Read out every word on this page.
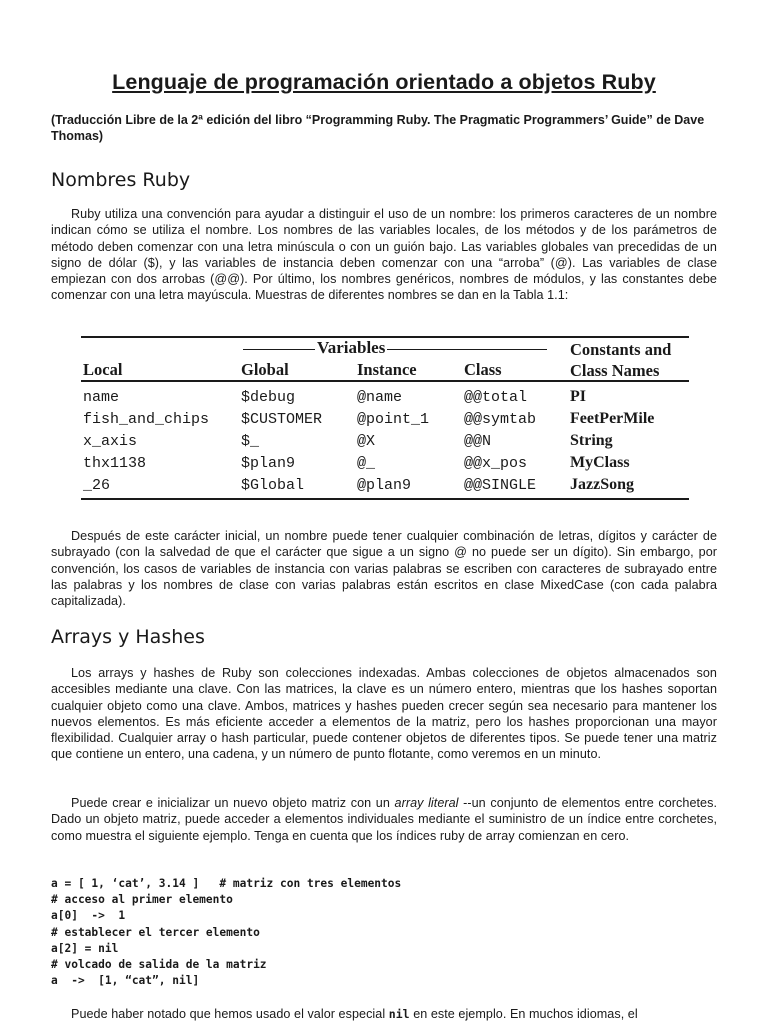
Lenguaje de programación orientado a objetos Ruby
(Traducción Libre de la 2ª edición del libro “Programming Ruby. The Pragmatic Programmers’ Guide” de Dave Thomas)
Nombres Ruby

Ruby utiliza una convención para ayudar a distinguir el uso de un nombre: los primeros caracteres de un nombre indican cómo se utiliza el nombre. Los nombres de las variables locales, de los métodos y de los parámetros de método deben comenzar con una letra minúscula o con un guión bajo. Las variables globales van precedidas de un signo de dólar ($), y las variables de instancia deben comenzar con una “arroba” (@). Las variables de clase empiezan con dos arrobas (@@). Por último, los nombres genéricos, nombres de módulos, y las constantes debe comenzar con una letra mayúscula. Muestras de diferentes nombres se dan en la Tabla 1.1:

Variables	Constants and
Class Names
Local	Global	Instance	Class
name	$debug	@name	@@total	PI
fish_and_chips $CUSTOMER @point_1 @@symtab FeetPerMile
x_axis	$_	@X	@@N	String
thx1138	$plan9	@_	@@x_pos	MyClass
_26	$Global	@plan9	@@SINGLE JazzSong

Después de este carácter inicial, un nombre puede tener cualquier combinación de letras, dígitos y carácter de subrayado (con la salvedad de que el carácter que sigue a un signo @ no puede ser un dígito). Sin embargo, por convención, los casos de variables de instancia con varias palabras se escriben con caracteres de subrayado entre las palabras y los nombres de clase con varias palabras están escritos en clase MixedCase (con cada palabra capitalizada).

Arrays y Hashes

Los arrays y hashes de Ruby son colecciones indexadas. Ambas colecciones de objetos almacenados son accesibles mediante una clave. Con las matrices, la clave es un número entero, mientras que los hashes soportan cualquier objeto como una clave. Ambos, matrices y hashes pueden crecer según sea necesario para mantener los nuevos elementos. Es más eficiente acceder a elementos de la matriz, pero los hashes proporcionan una mayor flexibilidad. Cualquier array o hash particular, puede contener objetos de diferentes tipos. Se puede tener una matriz que contiene un entero, una cadena, y un número de punto flotante, como veremos en un minuto.

Puede crear e inicializar un nuevo objeto matriz con un array literal --un conjunto de elementos entre corchetes. Dado un objeto matriz, puede acceder a elementos individuales mediante el suministro de un índice entre corchetes, como muestra el siguiente ejemplo. Tenga en cuenta que los índices ruby de array comienzan en cero.

a = [ 1, ‘cat’, 3.14 ]   # matriz con tres elementos
# acceso al primer elemento
a[0]  ->  1
# establecer el tercer elemento
a[2] = nil
# volcado de salida de la matriz
a  ->  [1, “cat”, nil]

Puede haber notado que hemos usado el valor especial nil en este ejemplo. En muchos idiomas, el
